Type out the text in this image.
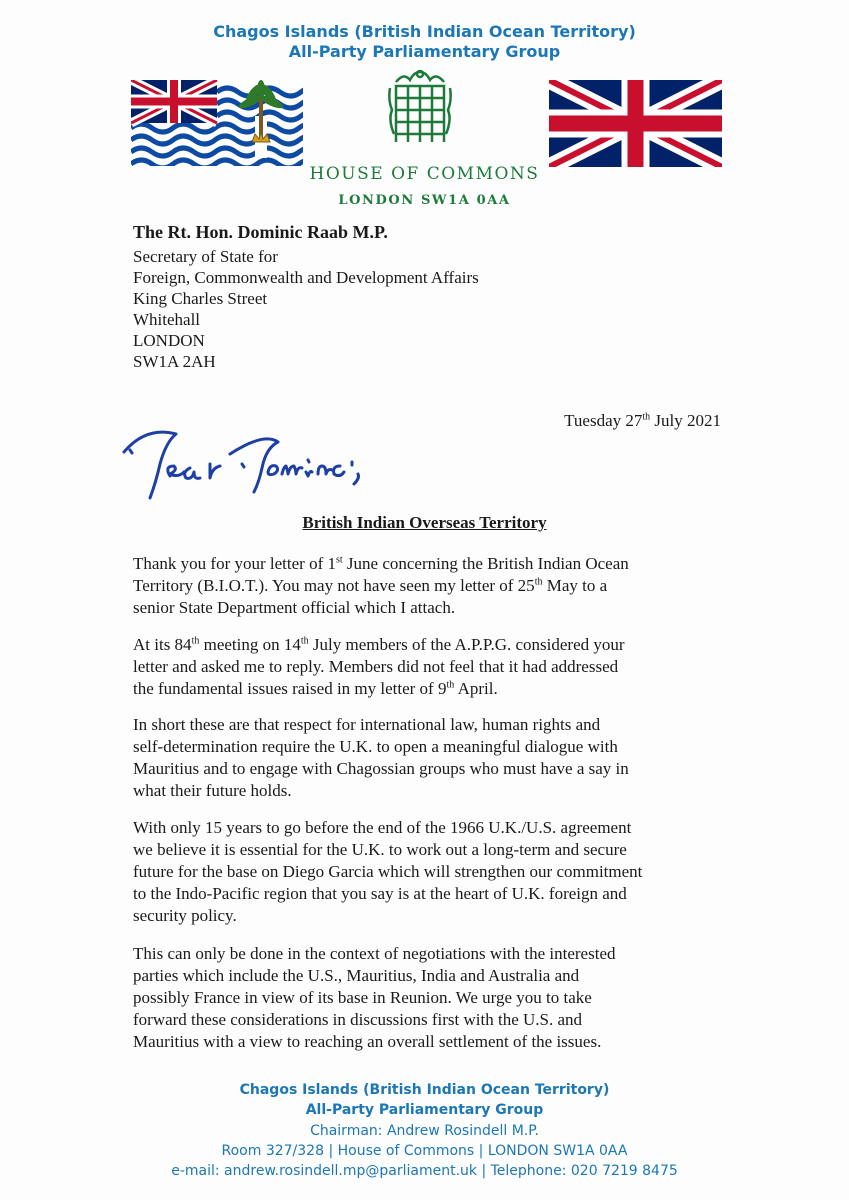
Chagos Islands (British Indian Ocean Territory)
All-Party Parliamentary Group
HOUSE OF COMMONS
LONDON SW1A 0AA
The Rt. Hon. Dominic Raab M.P.
Secretary of State for
Foreign, Commonwealth and Development Affairs
King Charles Street
Whitehall
LONDON
SW1A 2AH
Tuesday 27th July 2021
British Indian Overseas Territory
Thank you for your letter of 1st June concerning the British Indian Ocean
Territory (B.I.O.T.). You may not have seen my letter of 25th May to a
senior State Department official which I attach.
At its 84th meeting on 14th July members of the A.P.P.G. considered your
letter and asked me to reply. Members did not feel that it had addressed
the fundamental issues raised in my letter of 9th April.
In short these are that respect for international law, human rights and
self-determination require the U.K. to open a meaningful dialogue with
Mauritius and to engage with Chagossian groups who must have a say in
what their future holds.
With only 15 years to go before the end of the 1966 U.K./U.S. agreement
we believe it is essential for the U.K. to work out a long-term and secure
future for the base on Diego Garcia which will strengthen our commitment
to the Indo-Pacific region that you say is at the heart of U.K. foreign and
security policy.
This can only be done in the context of negotiations with the interested
parties which include the U.S., Mauritius, India and Australia and
possibly France in view of its base in Reunion. We urge you to take
forward these considerations in discussions first with the U.S. and
Mauritius with a view to reaching an overall settlement of the issues.
Chagos Islands (British Indian Ocean Territory)
All-Party Parliamentary Group
Chairman: Andrew Rosindell M.P.
Room 327/328 | House of Commons | LONDON SW1A 0AA
e-mail: andrew.rosindell.mp@parliament.uk | Telephone: 020 7219 8475
